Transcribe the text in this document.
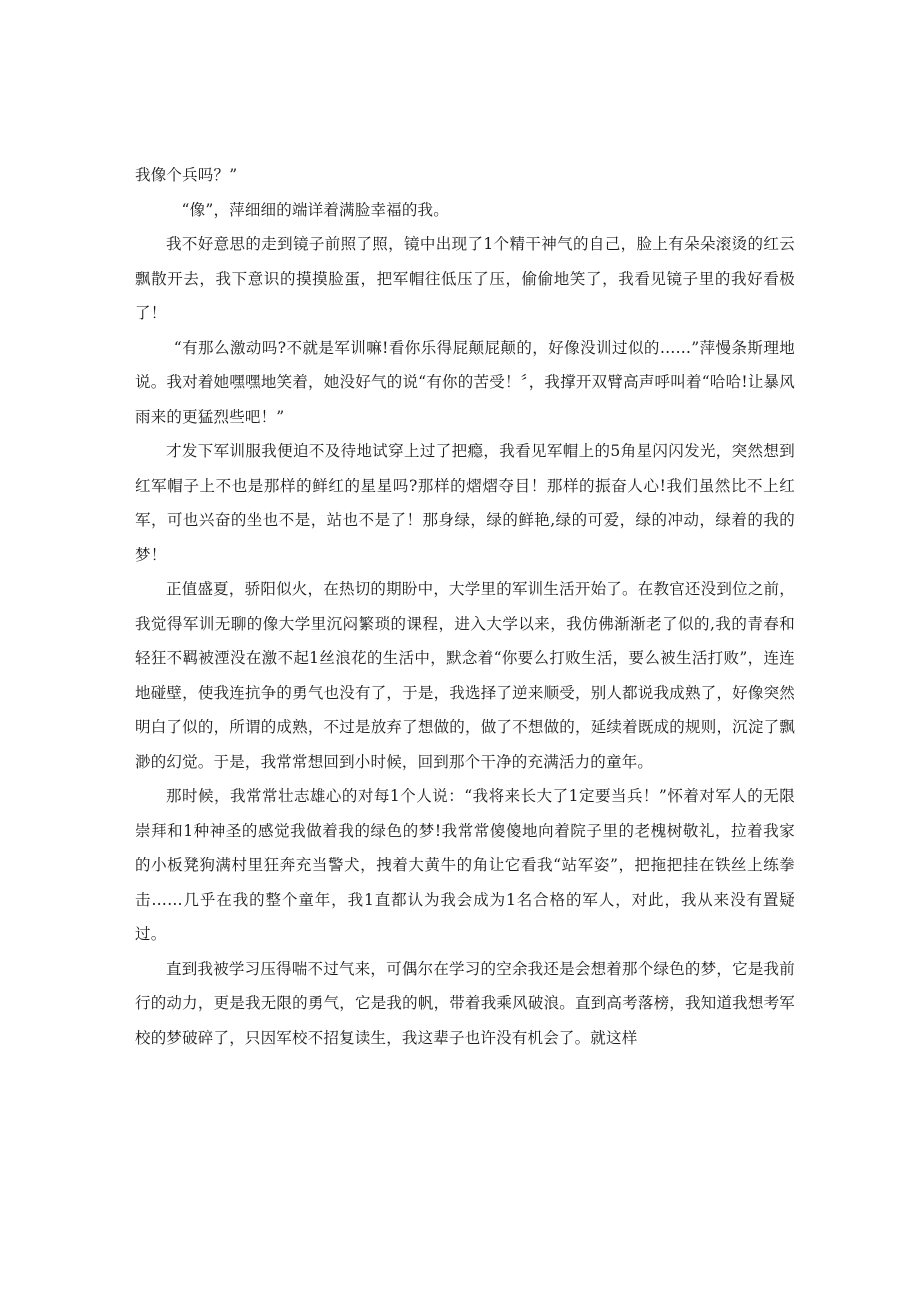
我像个兵吗？”

“像”，萍细细的端详着满脸幸福的我。

我不好意思的走到镜子前照了照，镜中出现了1个精干神气的自己，脸上有朵朵滚烫的红云飘散开去，我下意识的摸摸脸蛋，把军帽往低压了压，偷偷地笑了，我看见镜子里的我好看极了！

“有那么激动吗?不就是军训嘛!看你乐得屁颠屁颠的，好像没训过似的……”萍慢条斯理地说。我对着她嘿嘿地笑着，她没好气的说“有你的苦受！〞，我撑开双臂高声呼叫着“哈哈!让暴风雨来的更猛烈些吧！”

才发下军训服我便迫不及待地试穿上过了把瘾，我看见军帽上的5角星闪闪发光，突然想到红军帽子上不也是那样的鲜红的星星吗?那样的熠熠夺目！那样的振奋人心!我们虽然比不上红军，可也兴奋的坐也不是，站也不是了！那身绿，绿的鲜艳,绿的可爱，绿的冲动，绿着的我的梦！

正值盛夏，骄阳似火，在热切的期盼中，大学里的军训生活开始了。在教官还没到位之前，我觉得军训无聊的像大学里沉闷繁琐的课程，进入大学以来，我仿佛渐渐老了似的,我的青春和轻狂不羁被湮没在激不起1丝浪花的生活中，默念着“你要么打败生活，要么被生活打败”，连连地碰壁，使我连抗争的勇气也没有了，于是，我选择了逆来顺受，别人都说我成熟了，好像突然明白了似的，所谓的成熟，不过是放弃了想做的，做了不想做的，延续着既成的规则，沉淀了飘渺的幻觉。于是，我常常想回到小时候，回到那个干净的充满活力的童年。

那时候，我常常壮志雄心的对每1个人说：“我将来长大了1定要当兵！”怀着对军人的无限崇拜和1种神圣的感觉我做着我的绿色的梦!我常常傻傻地向着院子里的老槐树敬礼，拉着我家的小板凳狗满村里狂奔充当警犬，拽着大黄牛的角让它看我“站军姿”，把拖把挂在铁丝上练拳击……几乎在我的整个童年，我1直都认为我会成为1名合格的军人，对此，我从来没有置疑过。

直到我被学习压得喘不过气来，可偶尔在学习的空余我还是会想着那个绿色的梦，它是我前行的动力，更是我无限的勇气，它是我的帆，带着我乘风破浪。直到高考落榜，我知道我想考军校的梦破碎了，只因军校不招复读生，我这辈子也许没有机会了。就这样
